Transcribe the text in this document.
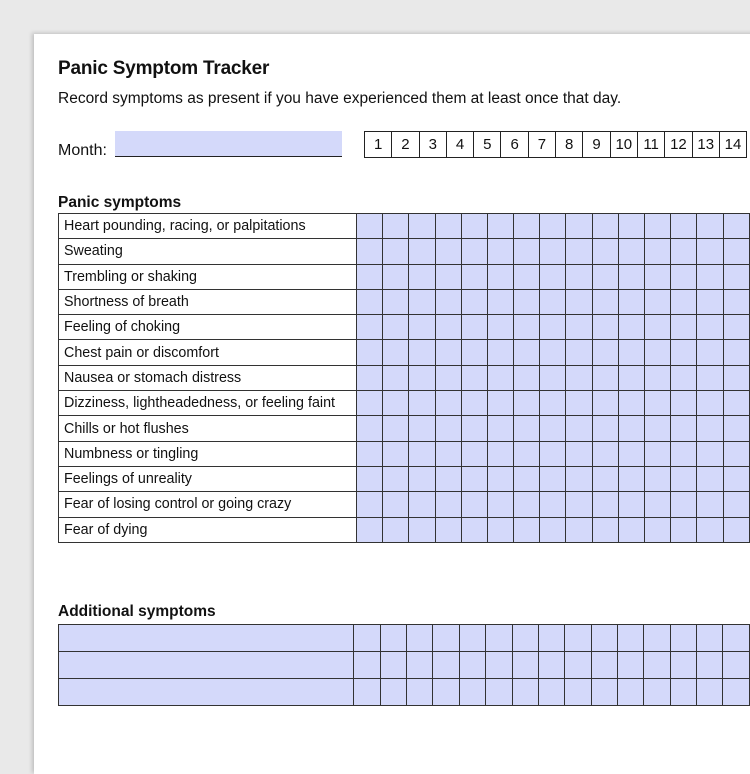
Panic Symptom Tracker
Record symptoms as present if you have experienced them at least once that day.
Month:	1	2	3	4	5	6	7	8	9 10 11 12 13 14
Panic symptoms
Heart pounding, racing, or palpitations															
Sweating															
Trembling or shaking															
Shortness of breath															
Feeling of choking															
Chest pain or discomfort															
Nausea or stomach distress															
Dizziness, lightheadedness, or feeling faint															
Chills or hot flushes															
Numbness or tingling															
Feelings of unreality															
Fear of losing control or going crazy															
Fear of dying															
Additional symptoms
